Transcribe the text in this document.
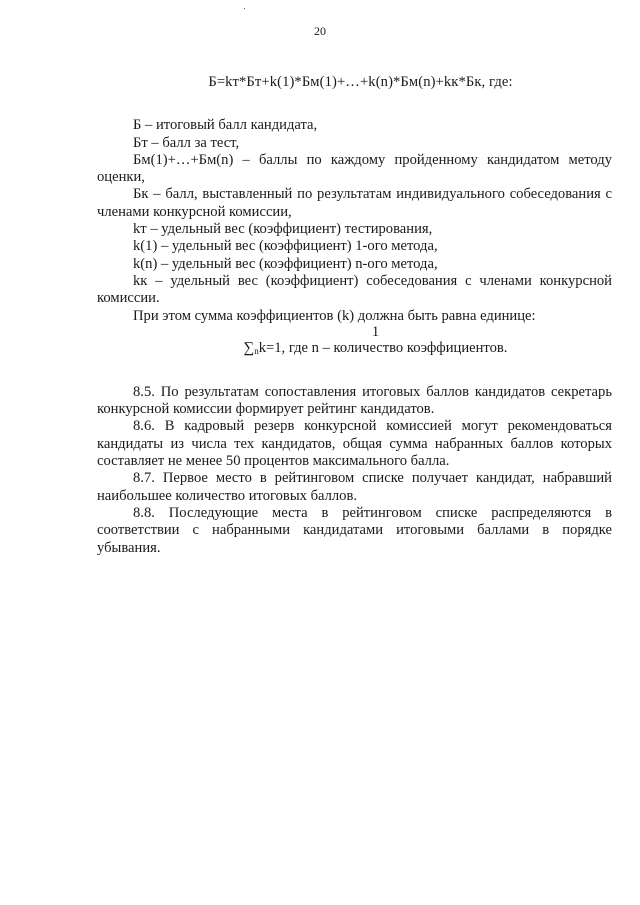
20
Б=kт*Бт+k(1)*Бм(1)+…+k(n)*Бм(n)+kк*Бк, где:

Б – итоговый балл кандидата,

Бт – балл за тест,

Бм(1)+…+Бм(n) – баллы по каждому пройденному кандидатом методу оценки,

Бк – балл, выставленный по результатам индивидуального собеседования с членами конкурсной комиссии,

kт – удельный вес (коэффициент) тестирования,

k(1) – удельный вес (коэффициент) 1-ого метода,

k(n) – удельный вес (коэффициент) n-ого метода,

kк – удельный вес (коэффициент) собеседования с членами конкурсной комиссии.

При этом сумма коэффициентов (k) должна быть равна единице:

1
$\sum_nk=1$, где n – количество коэффициентов.

8.5. По результатам сопоставления итоговых баллов кандидатов секретарь конкурсной комиссии формирует рейтинг кандидатов.

8.6. В кадровый резерв конкурсной комиссией могут рекомендоваться кандидаты из числа тех кандидатов, общая сумма набранных баллов которых составляет не менее 50 процентов максимального балла.

8.7. Первое место в рейтинговом списке получает кандидат, набравший наибольшее количество итоговых баллов.

8.8. Последующие места в рейтинговом списке распределяются в соответствии с набранными кандидатами итоговыми баллами в порядке убывания.
